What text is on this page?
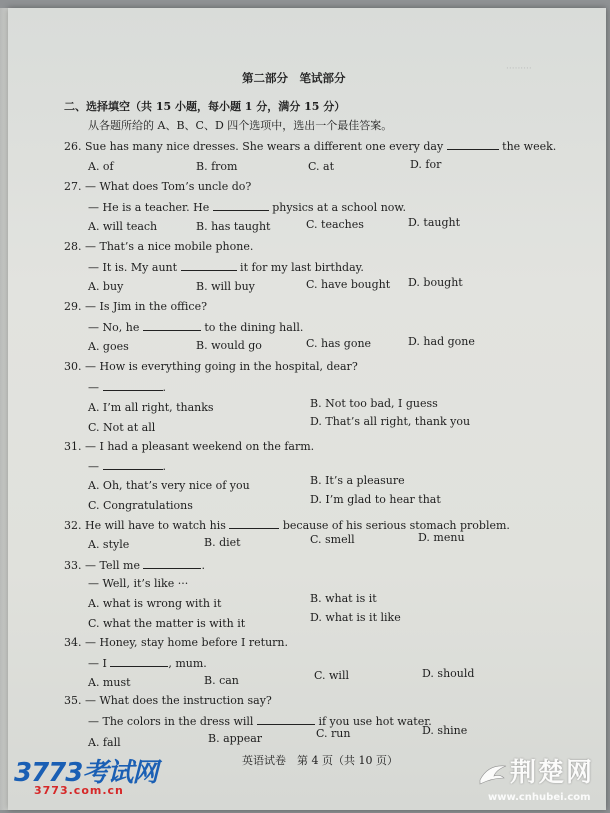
·········
第二部分　笔试部分
二、选择填空（共 15 小题，每小题 1 分，满分 15 分）
从各题所给的 A、B、C、D 四个选项中，选出一个最佳答案。
26. Sue has many nice dresses. She wears a different one every day	the week.
A. of	B. from	C. at	D. for
27. — What does Tom’s uncle do?
— He is a teacher. He	physics at a school now.
A. will teach	B. has taught	C. teaches	D. taught
28. — That’s a nice mobile phone.
— It is. My aunt	it for my last birthday.
A. buy	B. will buy	C. have bought D. bought
29. — Is Jim in the office?
— No, he	to the dining hall.
A. goes	B. would go	C. has gone	D. had gone
30. — How is everything going in the hospital, dear?
—	.
A. I’m all right, thanks	B. Not too bad, I guess
C. Not at all	D. That’s all right, thank you
31. — I had a pleasant weekend on the farm.
—	.
A. Oh, that’s very nice of you	B. It’s a pleasure
C. Congratulations	D. I’m glad to hear that
32. He will have to watch his	because of his serious stomach problem.
A. style	B. diet	C. smell	D. menu
33. — Tell me	.
— Well, it’s like ···
A. what is wrong with it	B. what is it
C. what the matter is with it	D. what is it like
34. — Honey, stay home before I return.
— I	, mum.
A. must	B. can	C. will	D. should
35. — What does the instruction say?
— The colors in the dress will	if you use hot water.
A. fall	B. appear	C. run	D. shine
英语试卷　第 4 页（共 10 页）
3773考试网
3773.com.cn
荆楚网
www.cnhubei.com
